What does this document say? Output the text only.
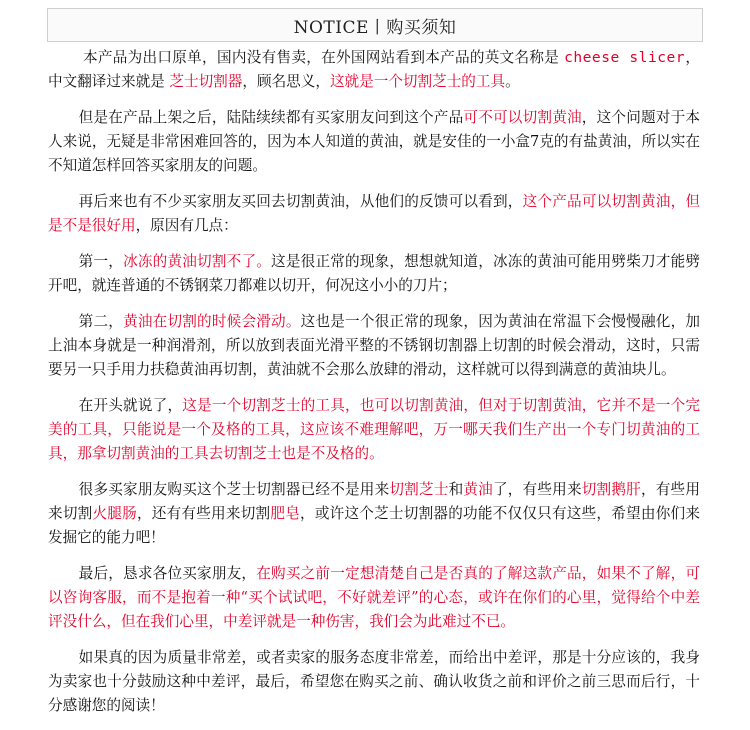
NOTICE丨购买须知

本产品为出口原单，国内没有售卖，在外国网站看到本产品的英文名称是 cheese slicer，中文翻译过来就是 芝士切割器，顾名思义，这就是一个切割芝士的工具。

但是在产品上架之后，陆陆续续都有买家朋友问到这个产品可不可以切割黄油，这个问题对于本人来说，无疑是非常困难回答的，因为本人知道的黄油，就是安佳的一小盒7克的有盐黄油，所以实在不知道怎样回答买家朋友的问题。

再后来也有不少买家朋友买回去切割黄油，从他们的反馈可以看到，这个产品可以切割黄油，但是不是很好用，原因有几点：

第一，冰冻的黄油切割不了。这是很正常的现象，想想就知道，冰冻的黄油可能用劈柴刀才能劈开吧，就连普通的不锈钢菜刀都难以切开，何况这小小的刀片；

第二，黄油在切割的时候会滑动。这也是一个很正常的现象，因为黄油在常温下会慢慢融化，加上油本身就是一种润滑剂，所以放到表面光滑平整的不锈钢切割器上切割的时候会滑动，这时，只需要另一只手用力扶稳黄油再切割，黄油就不会那么放肆的滑动，这样就可以得到满意的黄油块儿。

在开头就说了，这是一个切割芝士的工具，也可以切割黄油，但对于切割黄油，它并不是一个完美的工具，只能说是一个及格的工具，这应该不难理解吧，万一哪天我们生产出一个专门切黄油的工具，那拿切割黄油的工具去切割芝士也是不及格的。

很多买家朋友购买这个芝士切割器已经不是用来切割芝士和黄油了，有些用来切割鹅肝，有些用来切割火腿肠，还有有些用来切割肥皂，或许这个芝士切割器的功能不仅仅只有这些，希望由你们来发掘它的能力吧！

最后，恳求各位买家朋友，在购买之前一定想清楚自己是否真的了解这款产品，如果不了解，可以咨询客服，而不是抱着一种“买个试试吧，不好就差评”的心态，或许在你们的心里，觉得给个中差评没什么，但在我们心里，中差评就是一种伤害，我们会为此难过不已。

如果真的因为质量非常差，或者卖家的服务态度非常差，而给出中差评，那是十分应该的，我身为卖家也十分鼓励这种中差评，最后，希望您在购买之前、确认收货之前和评价之前三思而后行，十分感谢您的阅读！
